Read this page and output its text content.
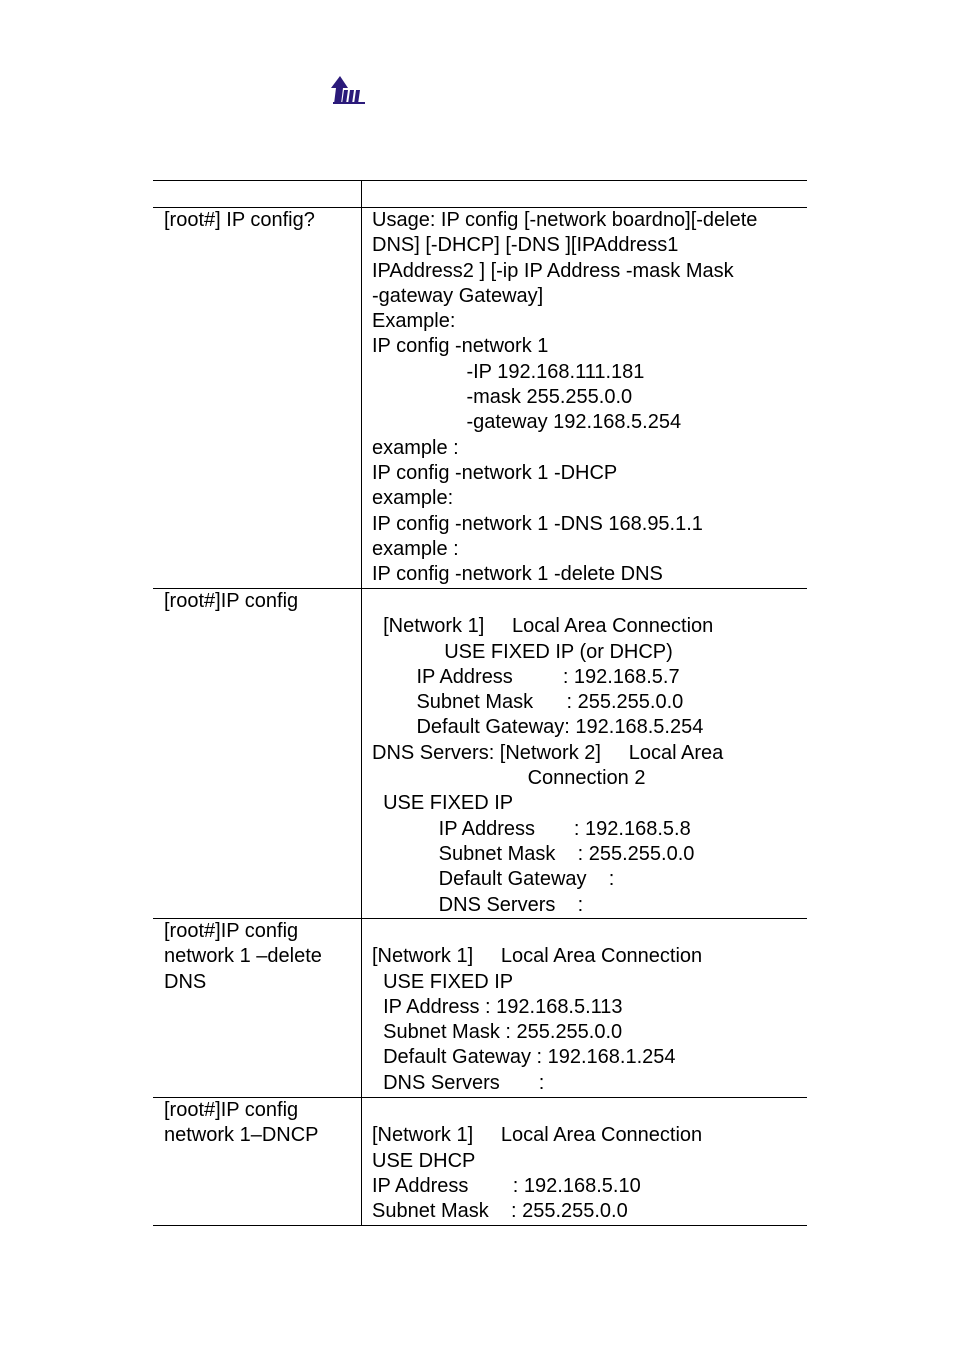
[root#] IP config?	Usage: IP config [-network boardno][-delete
DNS] [-DHCP] [-DNS ][IPAddress1
IPAddress2 ] [-ip IP Address -mask Mask
-gateway Gateway]
Example:
IP config -network 1
-IP 192.168.111.181
-mask 255.255.0.0
-gateway 192.168.5.254
example :
IP config -network 1 -DHCP
example:
IP config -network 1 -DNS 168.95.1.1
example :
IP config -network 1 -delete DNS
[root#]IP config
[Network 1]     Local Area Connection
USE FIXED IP (or DHCP)
IP Address         : 192.168.5.7
Subnet Mask      : 255.255.0.0
Default Gateway: 192.168.5.254
DNS Servers: [Network 2]     Local Area
Connection 2
USE FIXED IP
IP Address       : 192.168.5.8
Subnet Mask    : 255.255.0.0
Default Gateway    :
DNS Servers    :
[root#]IP config
network 1 –delete
DNS
[Network 1]     Local Area Connection
USE FIXED IP
IP Address : 192.168.5.113
Subnet Mask : 255.255.0.0
Default Gateway : 192.168.1.254
DNS Servers       :
[root#]IP config
network 1–DNCP	[Network 1]     Local Area Connection
USE DHCP
IP Address        : 192.168.5.10
Subnet Mask    : 255.255.0.0
